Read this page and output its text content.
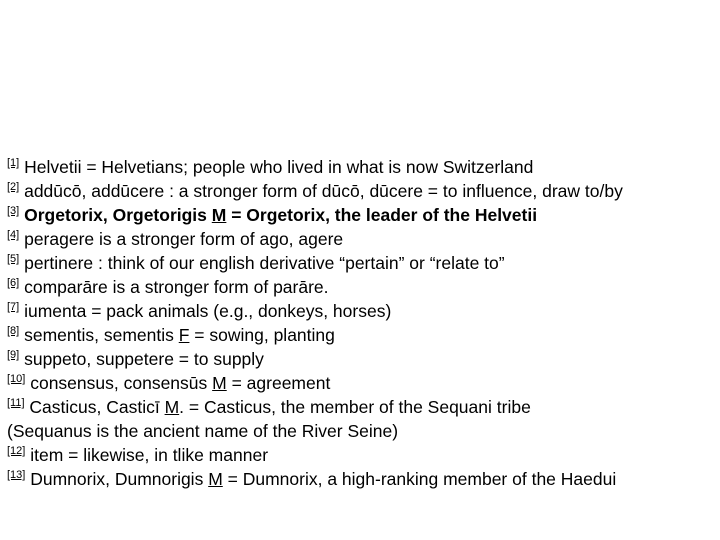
[1] Helvetii = Helvetians; people who lived in what is now Switzerland
[2] addūcō, addūcere : a stronger form of dūcō, dūcere = to influence, draw to/by
[3] Orgetorix, Orgetorigis M = Orgetorix, the leader of the Helvetii
[4] peragere is a stronger form of ago, agere
[5] pertinere : think of our english derivative “pertain” or “relate to”
[6] comparāre is a stronger form of parāre.
[7] iumenta = pack animals (e.g., donkeys, horses)
[8] sementis, sementis F = sowing, planting
[9] suppeto, suppetere = to supply
[10] consensus, consensūs M = agreement
[11] Casticus, Casticī M. = Casticus, the member of the Sequani tribe
(Sequanus is the ancient name of the River Seine)
[12] item = likewise, in tlike manner
[13] Dumnorix, Dumnorigis M = Dumnorix, a high-ranking member of the Haedui
